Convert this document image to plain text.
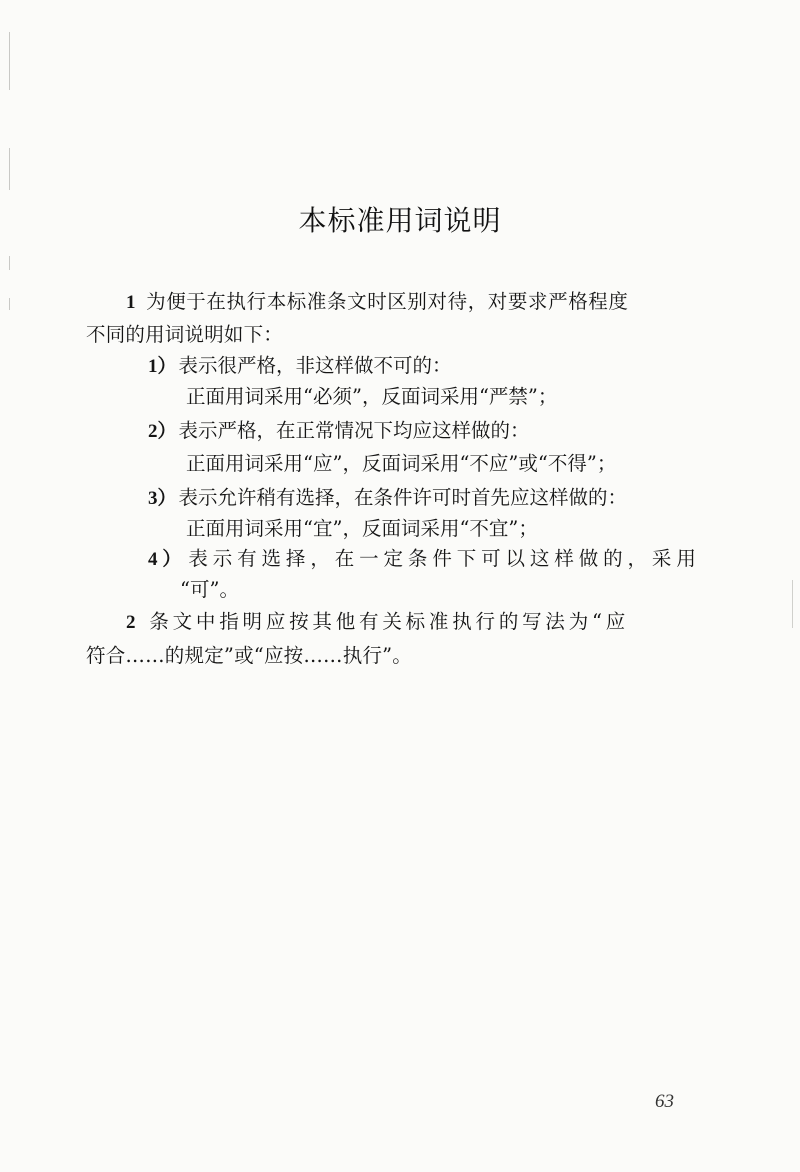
本标准用词说明
1 为便于在执行本标准条文时区别对待，对要求严格程度
不同的用词说明如下：
1） 表示很严格，非这样做不可的：
正面用词采用“必须”，反面词采用“严禁”；
2） 表示严格，在正常情况下均应这样做的：
正面用词采用“应”，反面词采用“不应”或“不得”；
3） 表示允许稍有选择，在条件许可时首先应这样做的：
正面用词采用“宜”，反面词采用“不宜”；
4） 表示有选择，在一定条件下可以这样做的，采用
“可”。
2 条文中指明应按其他有关标准执行的写法为“应
符合……的规定”或“应按……执行”。
63
